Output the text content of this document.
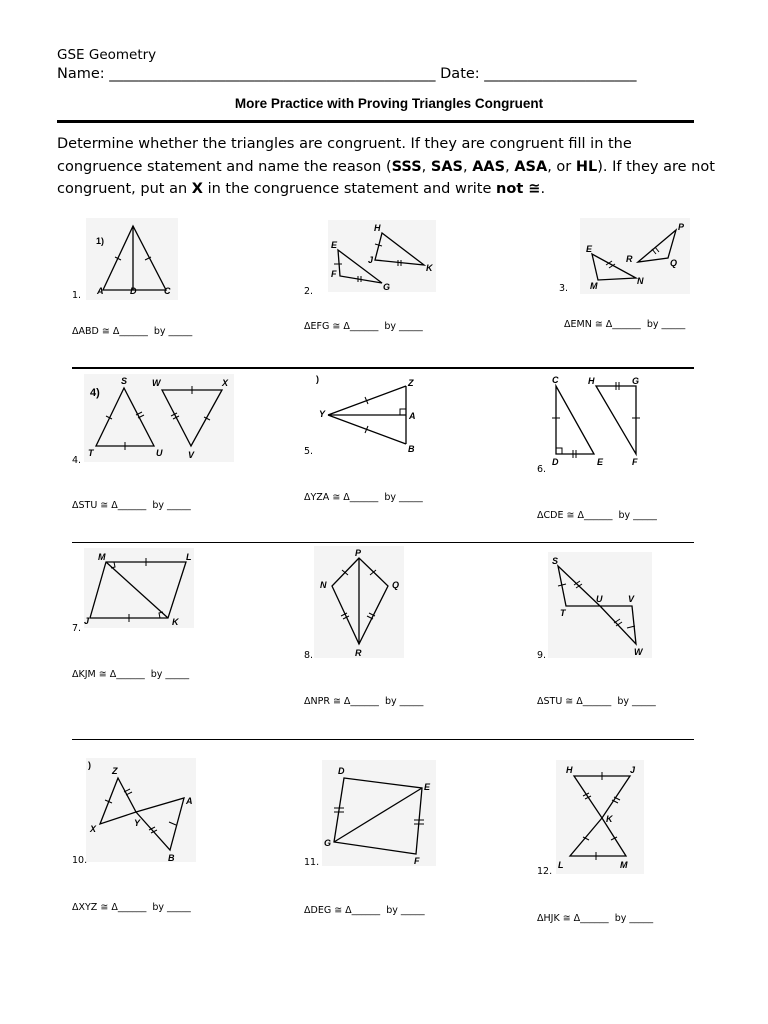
GSE Geometry
Name: _____________________________________________ Date: _____________________
More Practice with Proving Triangles Congruent
Determine whether the triangles are congruent. If they are congruent fill in the congruence statement and name the reason (SSS, SAS, AAS, ASA, or HL). If they are not congruent, put an X in the congruence statement and write not ≅.
1)
A	D	C
1.
ΔABD ≅ Δ______  by _____
E
F
G
H
J
K
2.
ΔEFG ≅ Δ______  by _____
E
M	N
R
P
Q
3.
ΔEMN ≅ Δ______  by _____
4)
S	W	X
T	U	V
4.
ΔSTU ≅ Δ______  by _____
)	Z
Y	A
B
5.
ΔYZA ≅ Δ______  by _____
C	H	G
D	E	F
6.
ΔCDE ≅ Δ______  by _____
M	L
J	K
7.
ΔKJM ≅ Δ______  by _____
P
N	Q
R
8.
ΔNPR ≅ Δ______  by _____
S
U	V
T
W
9.
ΔSTU ≅ Δ______  by _____
)
Z
A
X
Y
B
10.
ΔXYZ ≅ Δ______  by _____
D
E
G
F
11.
ΔDEG ≅ Δ______  by _____
H	J
K
L	M
12.
ΔHJK ≅ Δ______  by _____
